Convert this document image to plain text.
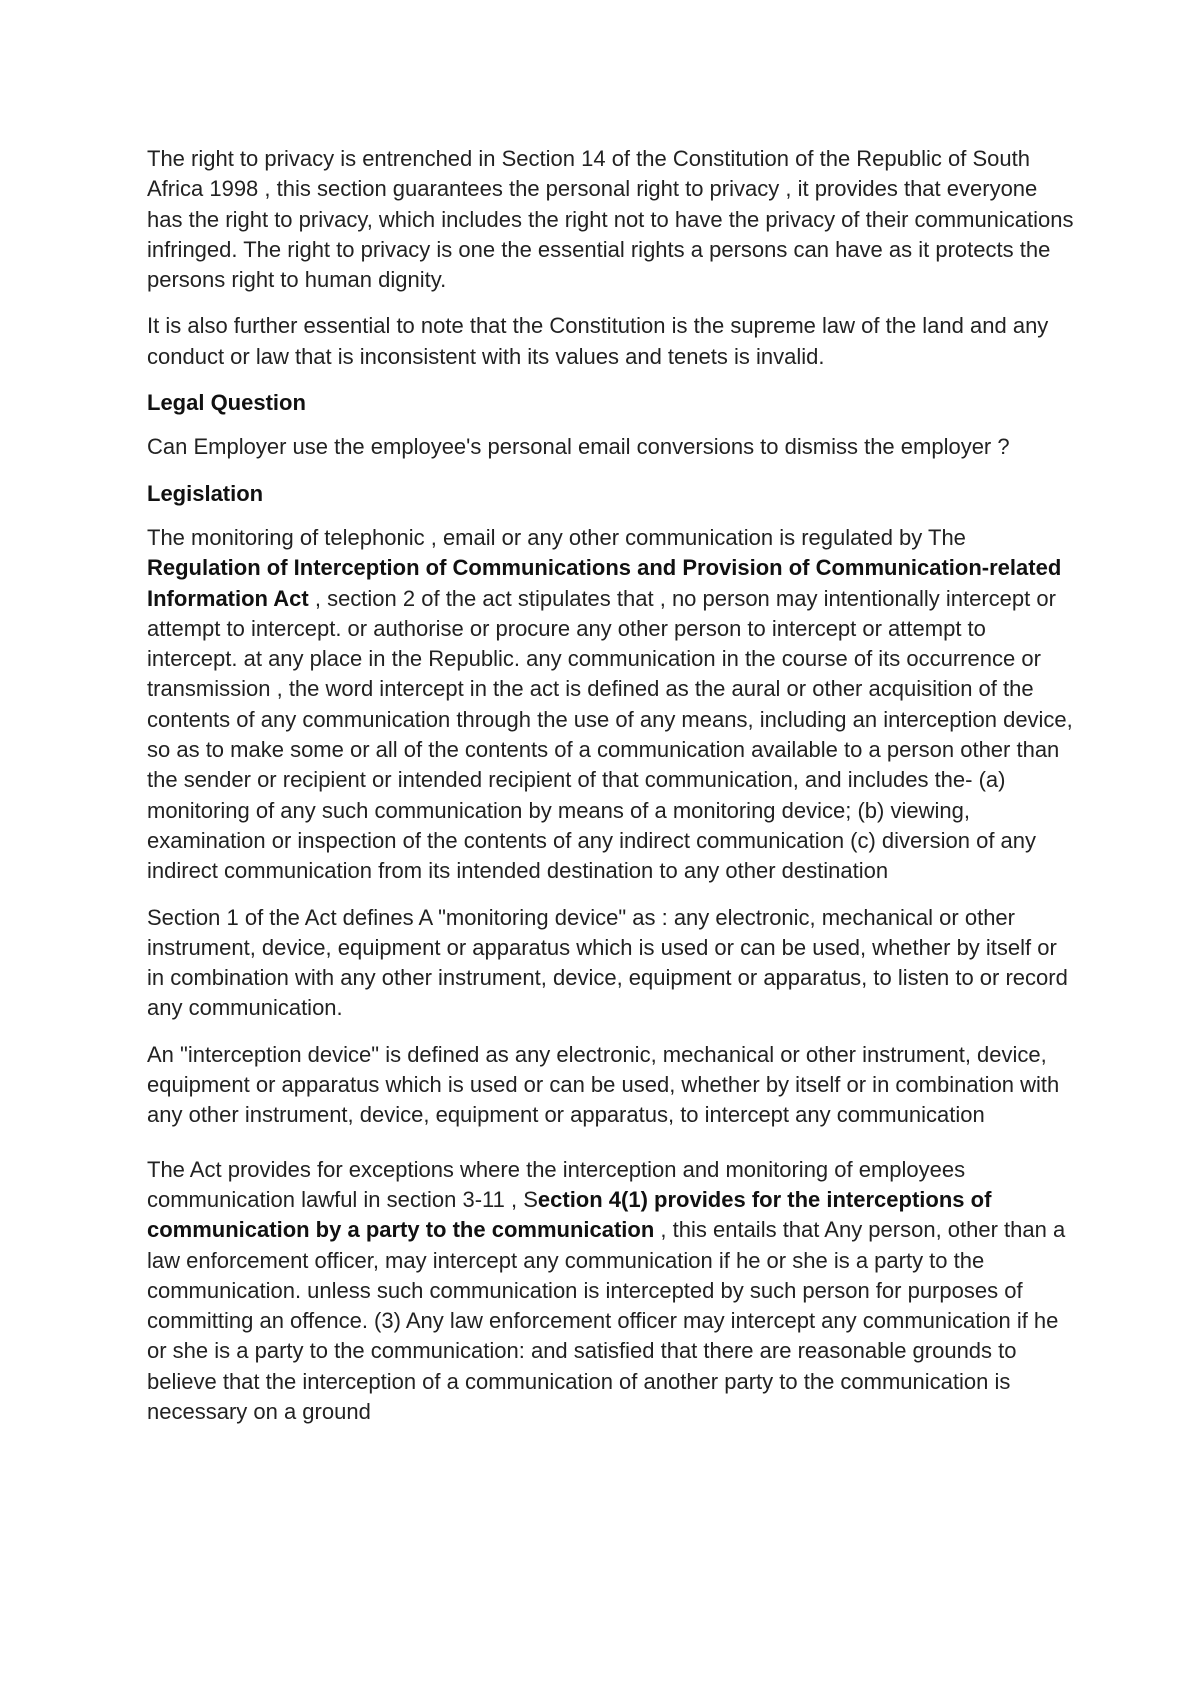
The right to privacy is entrenched in Section 14 of the Constitution of the Republic of South Africa 1998 , this section guarantees the personal right to privacy , it provides that everyone has the right to privacy, which includes the right not to have the privacy of their communications infringed. The right to privacy is one the essential rights a persons can have as it protects the persons right to human dignity.

It is also further essential to note that the Constitution is the supreme law of the land and any conduct or law that is inconsistent with its values and tenets is invalid.

Legal Question

Can Employer use the employee's personal email conversions to dismiss the employer ?

Legislation

The monitoring of telephonic , email or any other communication is regulated by The Regulation of Interception of Communications and Provision of Communication-related Information Act , section 2 of the act stipulates that , no person may intentionally intercept or attempt to intercept. or authorise or procure any other person to intercept or attempt to intercept. at any place in the Republic. any communication in the course of its occurrence or transmission , the word intercept in the act is defined as the aural or other acquisition of the contents of any communication through the use of any means, including an interception device, so as to make some or all of the contents of a communication available to a person other than the sender or recipient or intended recipient of that communication, and includes the- (a) monitoring of any such communication by means of a monitoring device; (b) viewing, examination or inspection of the contents of any indirect communication (c) diversion of any indirect communication from its intended destination to any other destination

Section 1 of the Act defines A "monitoring device" as : any electronic, mechanical or other instrument, device, equipment or apparatus which is used or can be used, whether by itself or in combination with any other instrument, device, equipment or apparatus, to listen to or record any communication.

An "interception device" is defined as any electronic, mechanical or other instrument, device, equipment or apparatus which is used or can be used, whether by itself or in combination with any other instrument, device, equipment or apparatus, to intercept any communication

The Act provides for exceptions where the interception and monitoring of employees communication lawful in section 3-11 , Section 4(1) provides for the interceptions of communication by a party to the communication , this entails that Any person, other than a law enforcement officer, may intercept any communication if he or she is a party to the communication. unless such communication is intercepted by such person for purposes of committing an offence. (3) Any law enforcement officer may intercept any communication if he or she is a party to the communication: and satisfied that there are reasonable grounds to believe that the interception of a communication of another party to the communication is necessary on a ground
